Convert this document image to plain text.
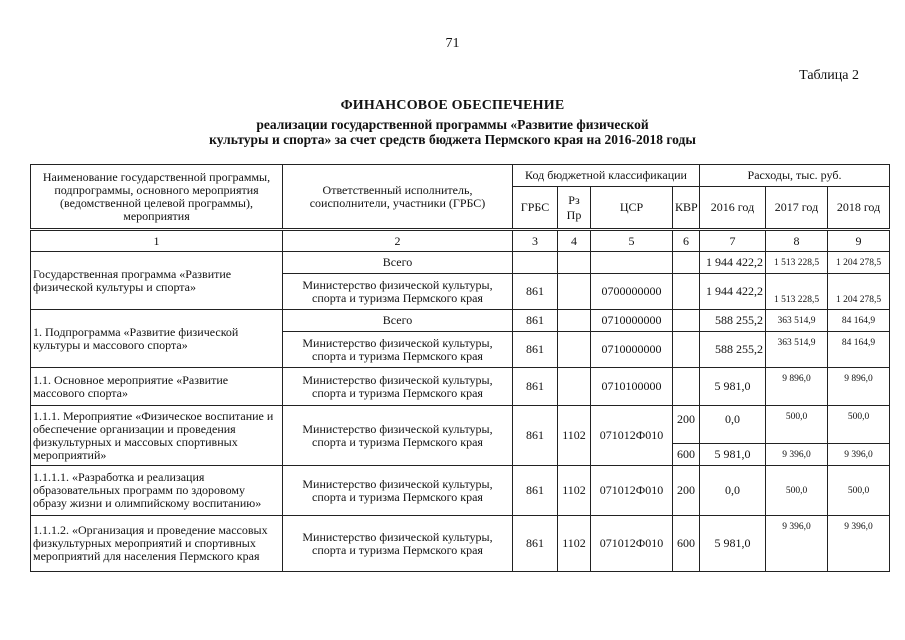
71
Таблица 2
ФИНАНСОВОЕ ОБЕСПЕЧЕНИЕ
реализации государственной программы «Развитие физической
культуры и спорта» за счет средств бюджета Пермского края на 2016-2018 годы
Наименование государственной программы, подпрограммы, основного мероприятия (ведомственной целевой программы), мероприятия	Ответственный исполнитель, соисполнители, участники (ГРБС)	Код бюджетной классификации				Расходы, тыс. руб.		
		ГРБС	Рз Пр	ЦСР	КВР	2016 год	2017 год	2018 год
1	2	3	4	5	6	7	8	9
Государственная программа «Развитие физической культуры и спорта»	Всего					1 944 422,2	1 513 228,5	1 204 278,5
	Министерство физической культуры, спорта и туризма Пермского края	861		0700000000		1 944 422,2	1 513 228,5	1 204 278,5
1. Подпрограмма «Развитие физической культуры и массового спорта»	Всего	861		0710000000		588 255,2	363 514,9	84 164,9
	Министерство физической культуры, спорта и туризма Пермского края	861		0710000000		588 255,2	363 514,9	84 164,9
1.1. Основное мероприятие «Развитие массового спорта»	Министерство физической культуры, спорта и туризма Пермского края	861		0710100000		5 981,0	9 896,0	9 896,0
1.1.1. Мероприятие «Физическое воспитание и обеспечение организации и проведения физкультурных и массовых спортивных мероприятий»	Министерство физической культуры, спорта и туризма Пермского края	861	1102	071012Ф010	200	0,0	500,0	500,0
					600	5 981,0	9 396,0	9 396,0
1.1.1.1. «Разработка и реализация образовательных программ по здоровому образу жизни и олимпийскому воспитанию»	Министерство физической культуры, спорта и туризма Пермского края	861	1102	071012Ф010	200	0,0	500,0	500,0
1.1.1.2. «Организация и проведение массовых физкультурных мероприятий и спортивных мероприятий для населения Пермского края	Министерство физической культуры, спорта и туризма Пермского края	861	1102	071012Ф010	600	5 981,0	9 396,0	9 396,0
